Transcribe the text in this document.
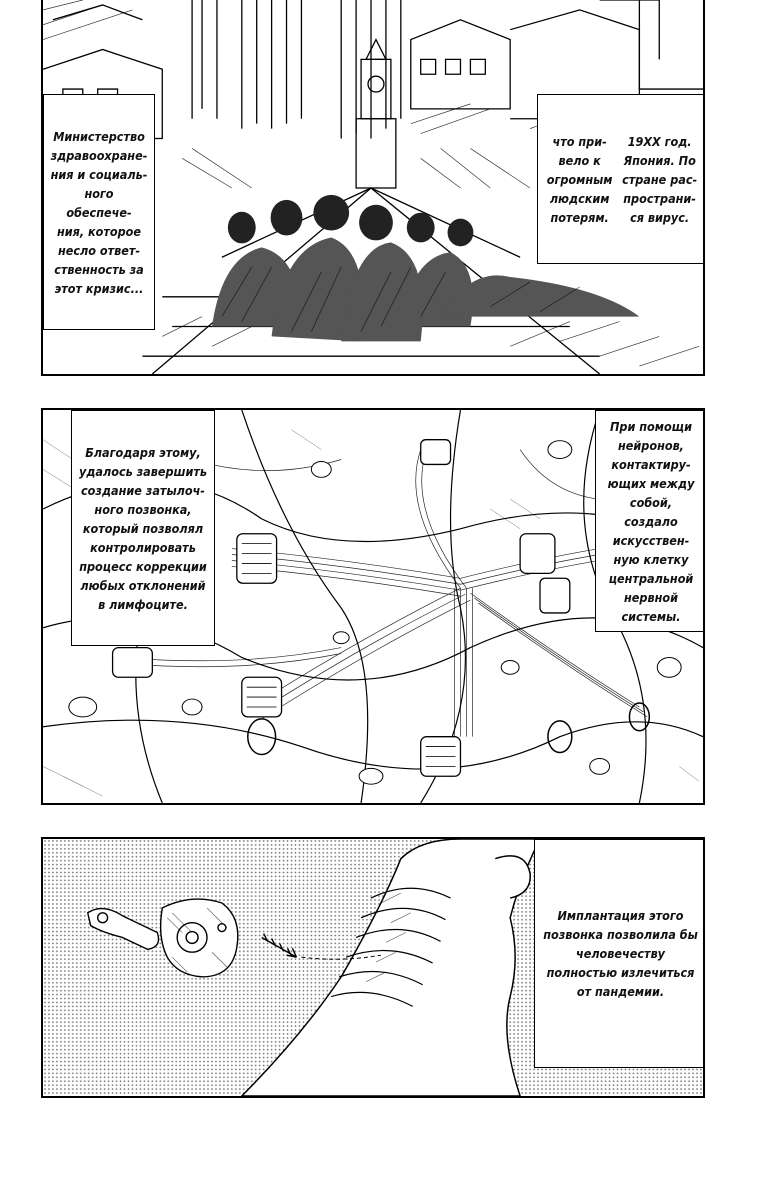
Министерство
здравоохране-
ния и социаль-
ного обеспече-
ния, которое
несло ответ-
ственность за
этот кризис...
что при-
вело к
огромным
людским
потерям.
19XX год.
Япония. По
стране рас-
пространи-
ся вирус.
Благодаря этому,
удалось завершить
создание затылоч-
ного позвонка,
который позволял
контролировать
процесс коррекции
любых отклонений
в лимфоците.
При помощи
нейронов,
контактиру-
ющих между
собой, создало
искусствен-
ную клетку
центральной
нервной
системы.
Имплантация этого
позвонка позволила бы
человечеству
полностью излечиться
от пандемии.
